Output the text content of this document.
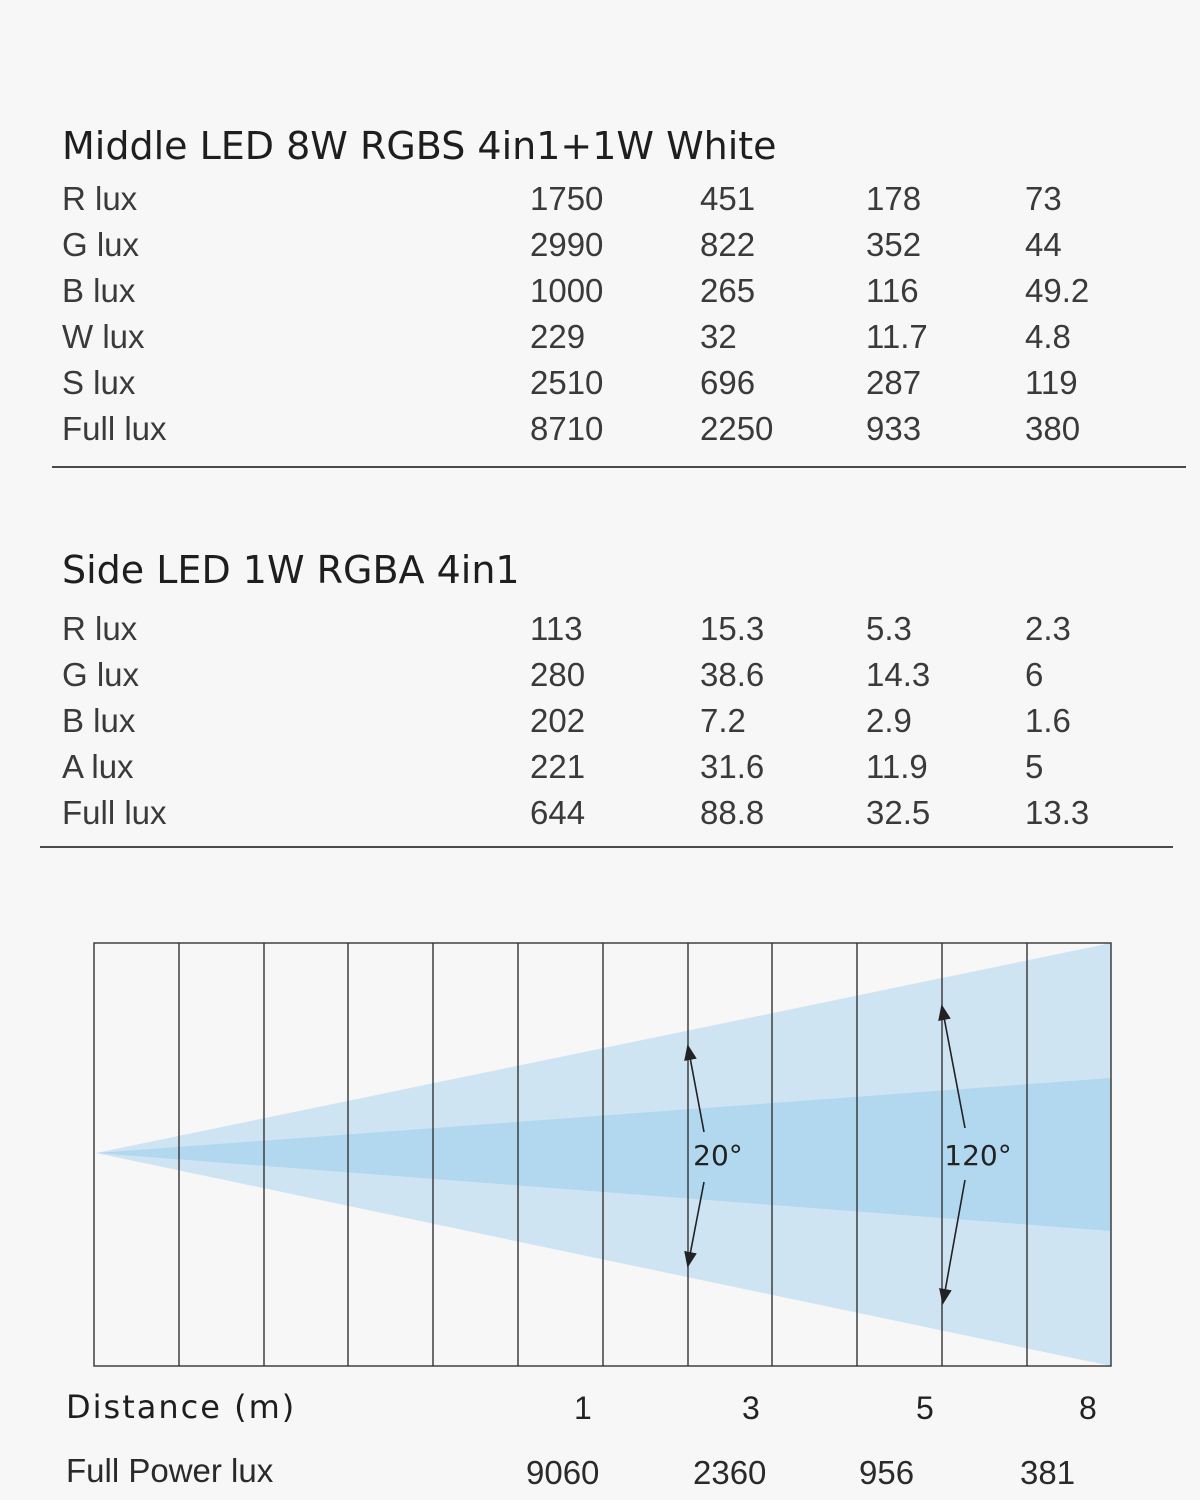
Middle LED 8W RGBS 4in1+1W White

R lux	1750	451	178	73

G lux	2990	822	352	44

B lux	1000	265	116	49.2

W lux	229	32	11.7	4.8

S lux	2510	696	287	119

Full lux	8710	2250	933	380

Side LED 1W RGBA 4in1

R lux	113	15.3	5.3	2.3

G lux	280	38.6	14.3	6

B lux	202	7.2	2.9	1.6

A lux	221	31.6	11.9	5

Full lux	644	88.8	32.5	13.3

20°	120°

Distance (m)	1	3	5	8

Full Power lux	9060	2360	956	381
